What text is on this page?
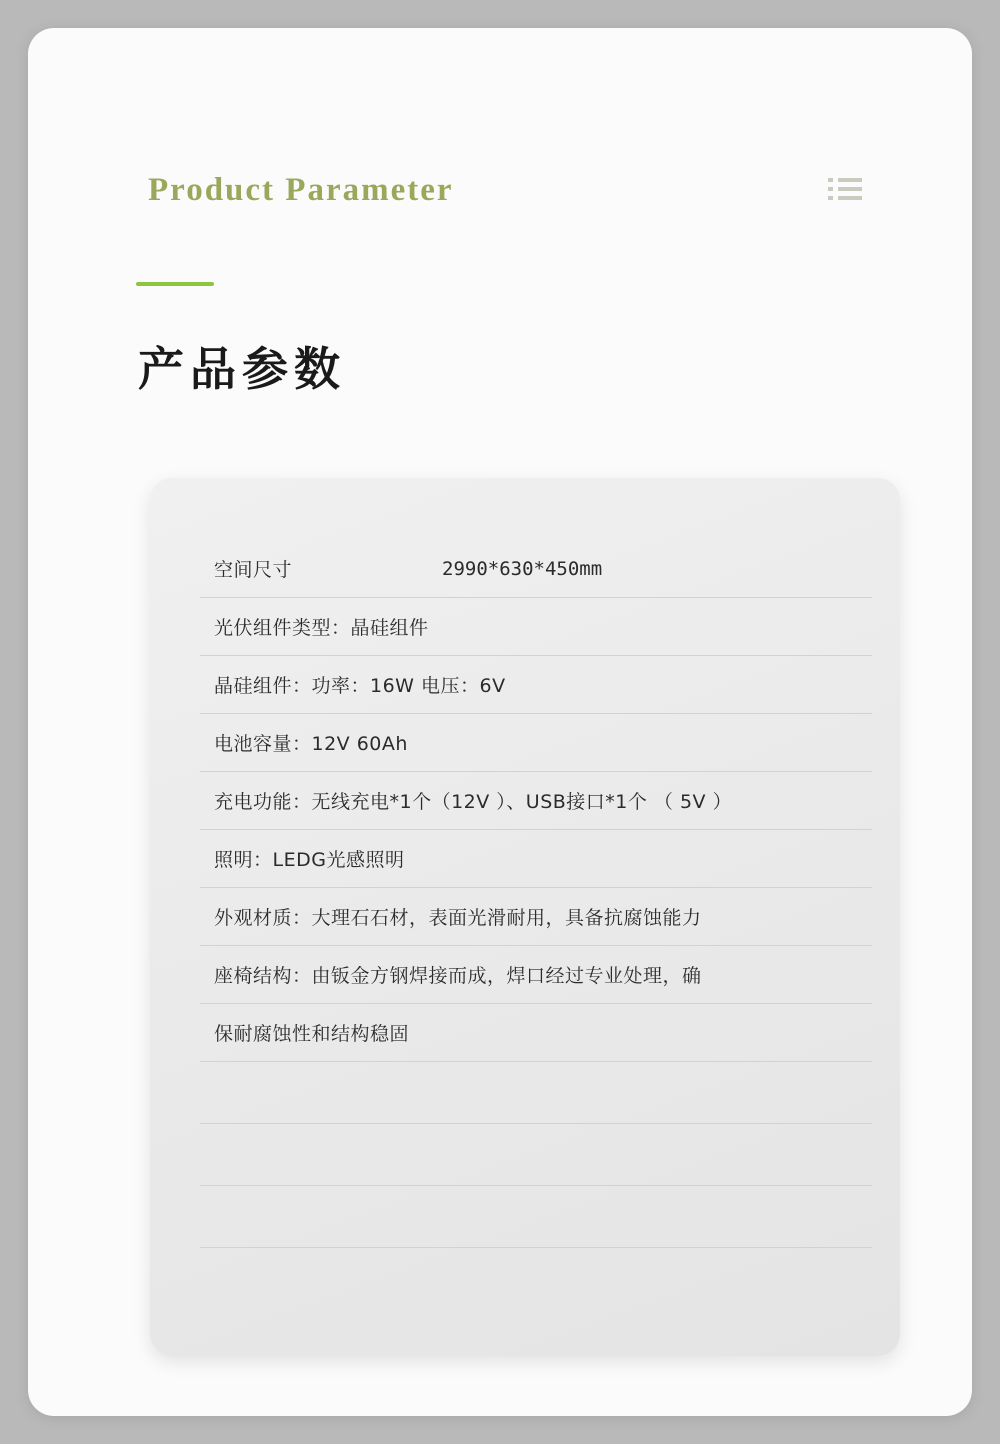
Product Parameter
产品参数
空间尺寸	2990*630*450mm
光伏组件类型：晶硅组件
晶硅组件：功率：16W 电压：6V
电池容量：12V 60Ah
充电功能：无线充电*1个（12V ）、USB接口*1个 （ 5V ）
照明：LEDG光感照明
外观材质：大理石石材，表面光滑耐用，具备抗腐蚀能力
座椅结构：由钣金方钢焊接而成，焊口经过专业处理，确
保耐腐蚀性和结构稳固
